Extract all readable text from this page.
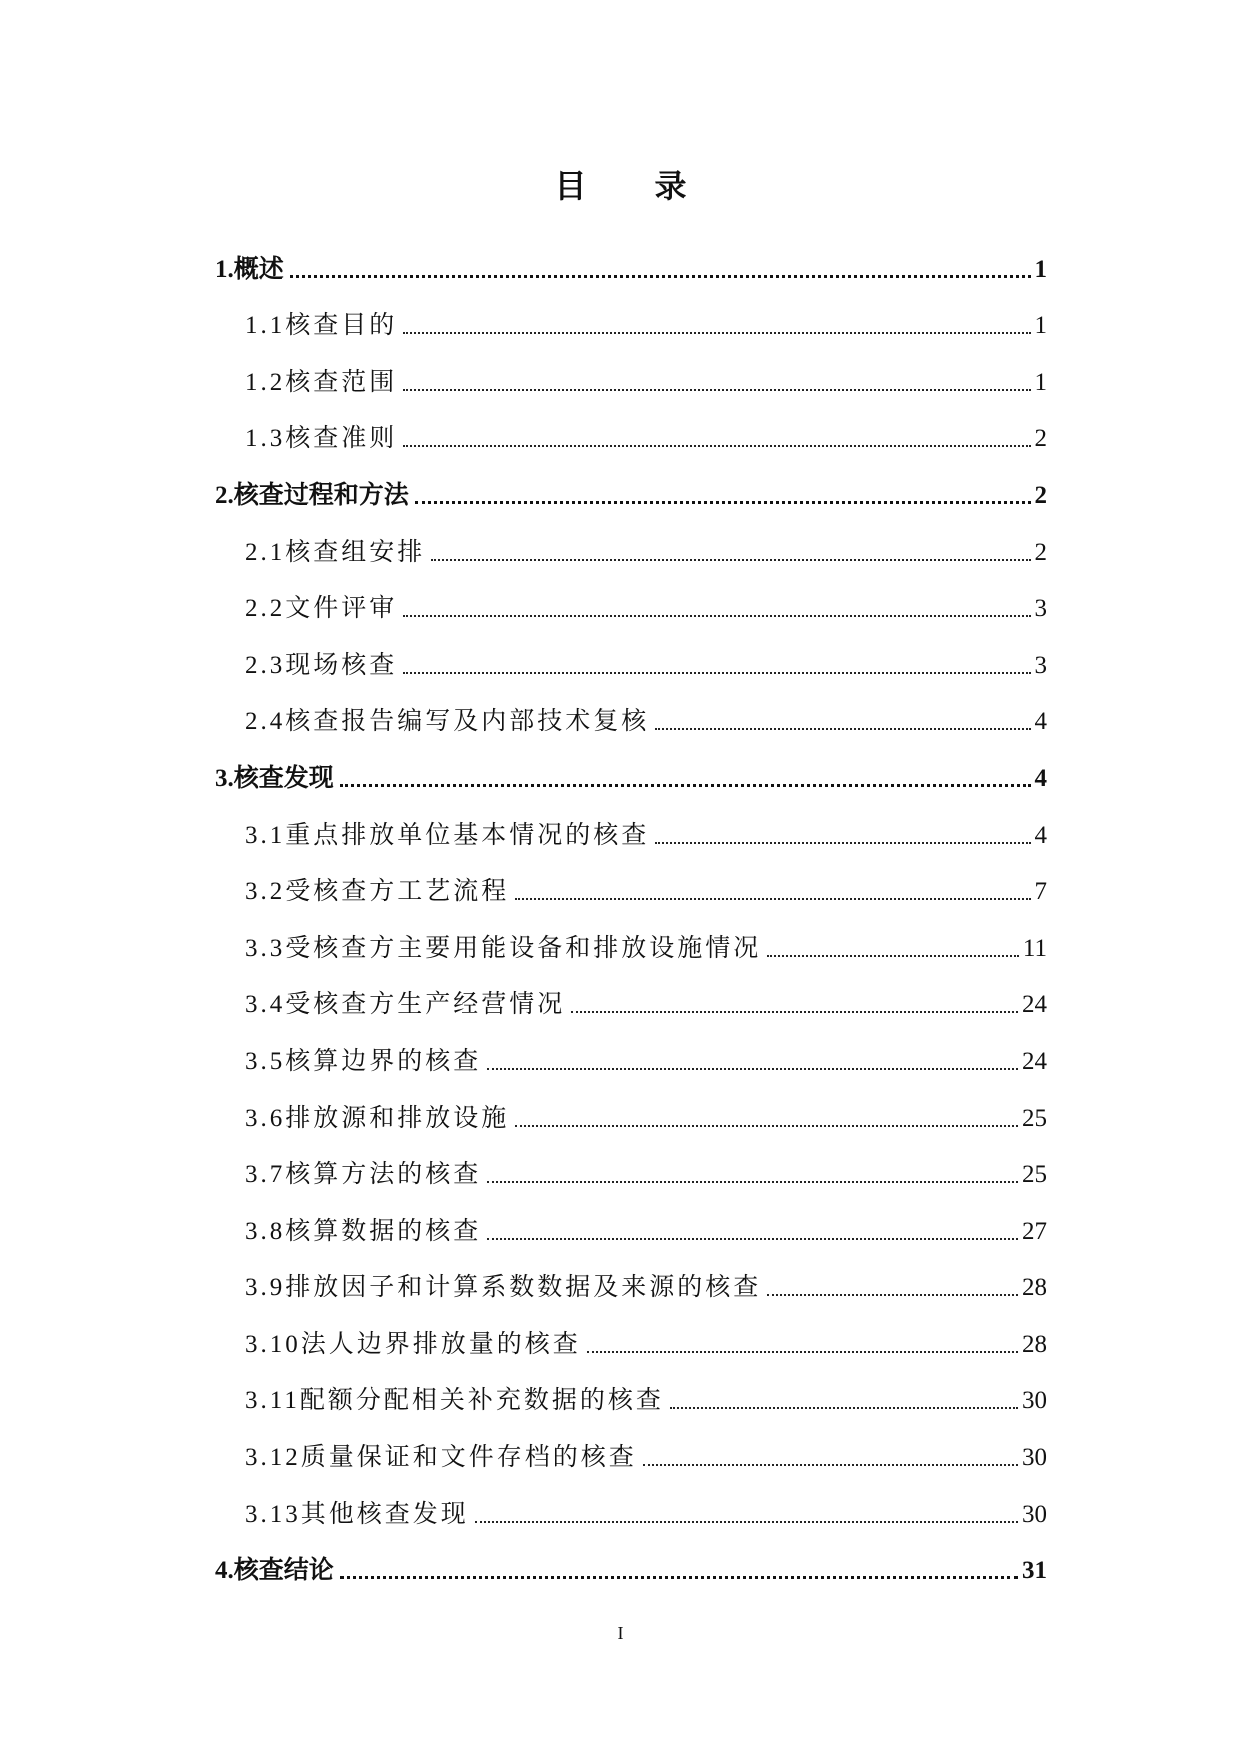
目 录
1.概述	1
1.1核查目的	1
1.2核查范围	1
1.3核查准则	2
2.核查过程和方法	2
2.1核查组安排	2
2.2文件评审	3
2.3现场核查	3
2.4核查报告编写及内部技术复核	4
3.核查发现	4
3.1重点排放单位基本情况的核查	4
3.2受核查方工艺流程	7
3.3受核查方主要用能设备和排放设施情况	11
3.4受核查方生产经营情况	24
3.5核算边界的核查	24
3.6排放源和排放设施	25
3.7核算方法的核查	25
3.8核算数据的核查	27
3.9排放因子和计算系数数据及来源的核查	28
3.10法人边界排放量的核查	28
3.11配额分配相关补充数据的核查	30
3.12质量保证和文件存档的核查	30
3.13其他核查发现	30
4.核查结论	31
I
